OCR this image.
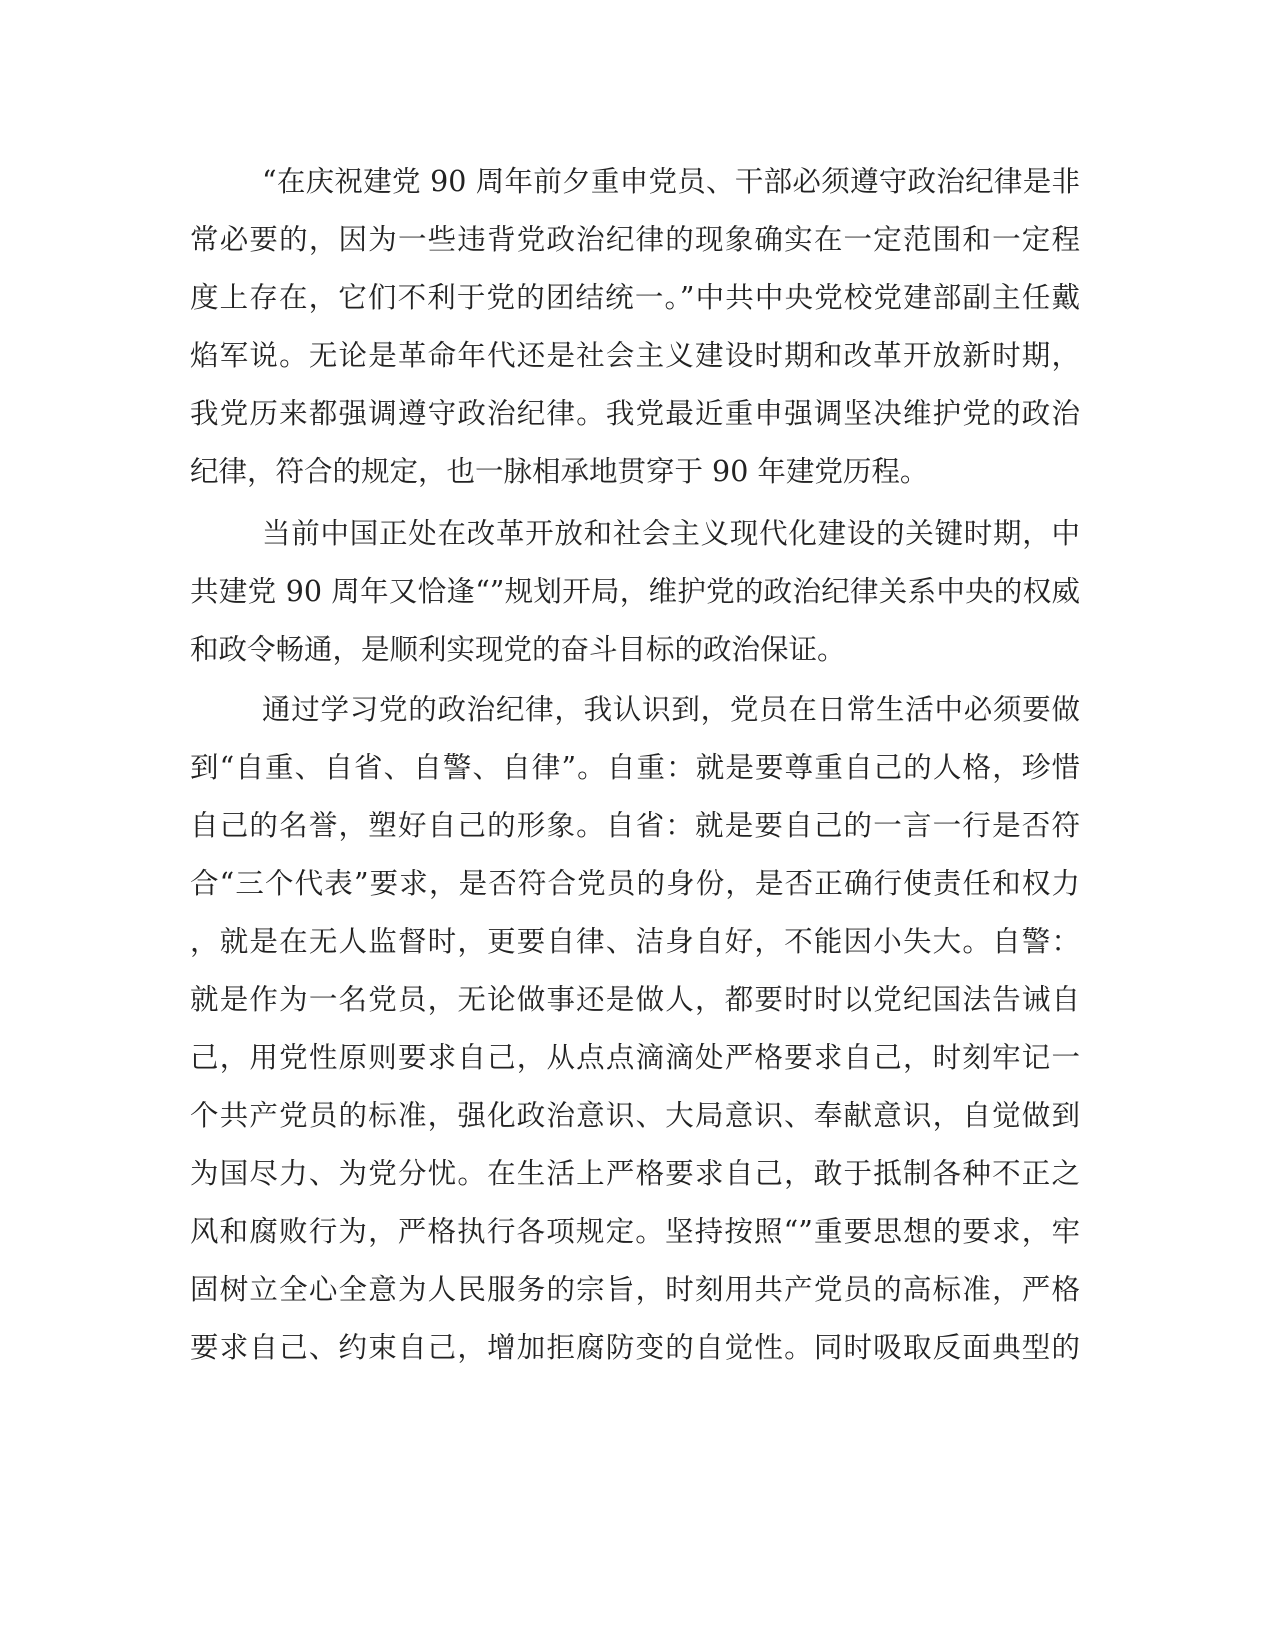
“在庆祝建党 90 周年前夕重申党员、干部必须遵守政治纪律是非

常必要的，因为一些违背党政治纪律的现象确实在一定范围和一定程

度上存在，它们不利于党的团结统一。”中共中央党校党建部副主任戴

焰军说。无论是革命年代还是社会主义建设时期和改革开放新时期，

我党历来都强调遵守政治纪律。我党最近重申强调坚决维护党的政治

纪律，符合的规定，也一脉相承地贯穿于 90 年建党历程。

当前中国正处在改革开放和社会主义现代化建设的关键时期，中

共建党 90 周年又恰逢“”规划开局，维护党的政治纪律关系中央的权威

和政令畅通，是顺利实现党的奋斗目标的政治保证。

通过学习党的政治纪律，我认识到，党员在日常生活中必须要做

到“自重、自省、自警、自律”。自重：就是要尊重自己的人格，珍惜

自己的名誉，塑好自己的形象。自省：就是要自己的一言一行是否符

合“三个代表”要求，是否符合党员的身份，是否正确行使责任和权力

，就是在无人监督时，更要自律、洁身自好，不能因小失大。自警：

就是作为一名党员，无论做事还是做人，都要时时以党纪国法告诫自

己，用党性原则要求自己，从点点滴滴处严格要求自己，时刻牢记一

个共产党员的标准，强化政治意识、大局意识、奉献意识，自觉做到

为国尽力、为党分忧。在生活上严格要求自己，敢于抵制各种不正之

风和腐败行为，严格执行各项规定。坚持按照“”重要思想的要求，牢

固树立全心全意为人民服务的宗旨，时刻用共产党员的高标准，严格

要求自己、约束自己，增加拒腐防变的自觉性。同时吸取反面典型的
